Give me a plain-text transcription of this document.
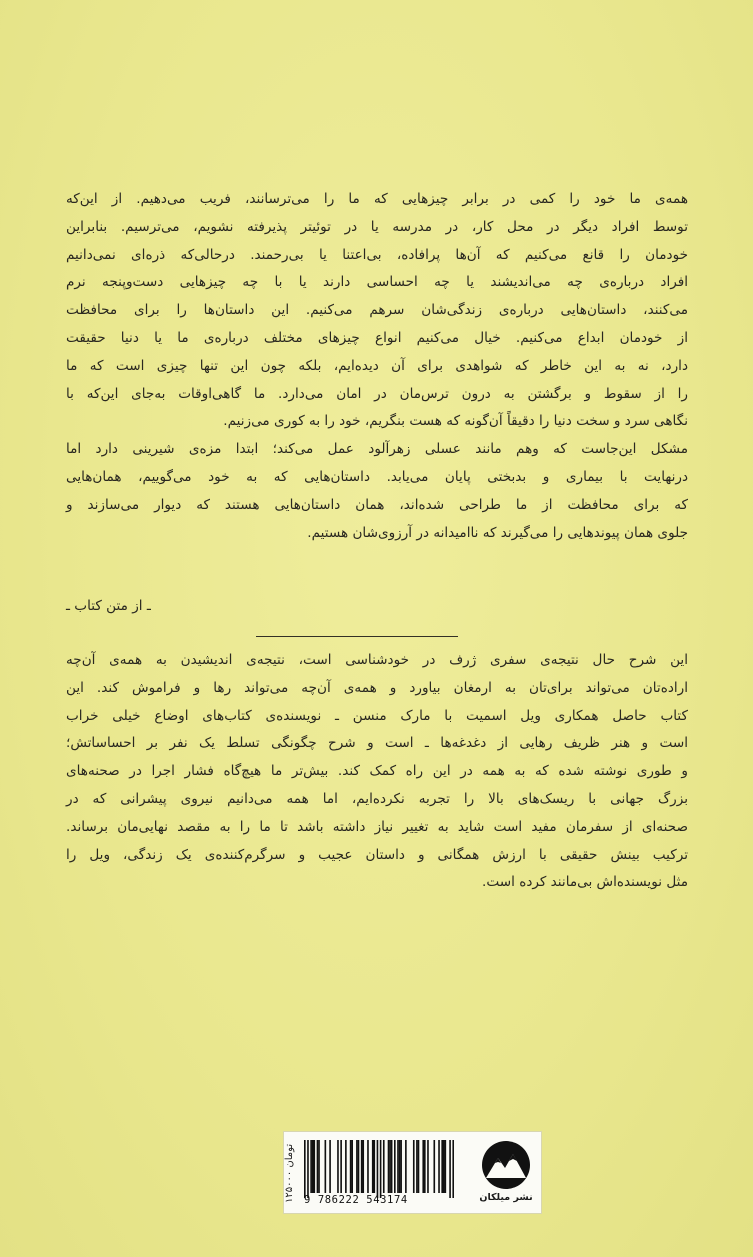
همه‌ی ما خود را کمی در برابر چیزهایی که ما را می‌ترسانند، فریب می‌دهیم. از این‌که
توسط افراد دیگر در محل کار، در مدرسه یا در توئیتر پذیرفته نشویم، می‌ترسیم. بنابراین
خودمان را قانع می‌کنیم که آن‌ها پرافاده، بی‌اعتنا یا بی‌رحمند. درحالی‌که ذره‌ای نمی‌دانیم
افراد درباره‌ی چه می‌اندیشند یا چه احساسی دارند یا با چه چیزهایی دست‌وپنجه نرم
می‌کنند، داستان‌هایی درباره‌ی زندگی‌شان سرهم می‌کنیم. این داستان‌ها را برای محافظت
از خودمان ابداع می‌کنیم. خیال می‌کنیم انواع چیزهای مختلف درباره‌ی ما یا دنیا حقیقت
دارد، نه به این خاطر که شواهدی برای آن دیده‌ایم، بلکه چون این تنها چیزی است که ما
را از سقوط و برگشتن به درون ترس‌مان در امان می‌دارد. ما گاهی‌اوقات به‌جای این‌که با
نگاهی سرد و سخت دنیا را دقیقاً آن‌گونه که هست بنگریم، خود را به کوری می‌زنیم.
مشکل این‌جاست که وهم مانند عسلی زهرآلود عمل می‌کند؛ ابتدا مزه‌ی شیرینی دارد اما
درنهایت با بیماری و بدبختی پایان می‌یابد. داستان‌هایی که به خود می‌گوییم، همان‌هایی
که برای محافظت از ما طراحی شده‌اند، همان داستان‌هایی هستند که دیوار می‌سازند و
جلوی همان پیوندهایی را می‌گیرند که ناامیدانه در آرزوی‌شان هستیم.
ـ از متن کتاب ـ
این شرح حال نتیجه‌ی سفری ژرف در خودشناسی است، نتیجه‌ی اندیشیدن به همه‌ی آن‌چه
اراده‌تان می‌تواند برای‌تان به ارمغان بیاورد و همه‌ی آن‌چه می‌تواند رها و فراموش کند. این
کتاب حاصل همکاری ویل اسمیت با مارک منسن ـ نویسنده‌ی کتاب‌های اوضاع خیلی خراب
است و هنر ظریف رهایی از دغدغه‌ها ـ است و شرح چگونگی تسلط یک نفر بر احساساتش؛
و طوری نوشته شده که به همه در این راه کمک کند. بیش‌تر ما هیچ‌گاه فشار اجرا در صحنه‌های
بزرگ جهانی با ریسک‌های بالا را تجربه نکرده‌ایم، اما همه می‌دانیم نیروی پیشرانی که در
صحنه‌ای از سفرمان مفید است شاید به تغییر نیاز داشته باشد تا ما را به مقصد نهایی‌مان برساند.
ترکیب بینش حقیقی با ارزش همگانی و داستان عجیب و سرگرم‌کننده‌ی یک زندگی، ویل را
مثل نویسنده‌اش بی‌مانند کرده است.
۱۲۵۰۰۰ تومان
9 786222 543174	نشر میلکان
